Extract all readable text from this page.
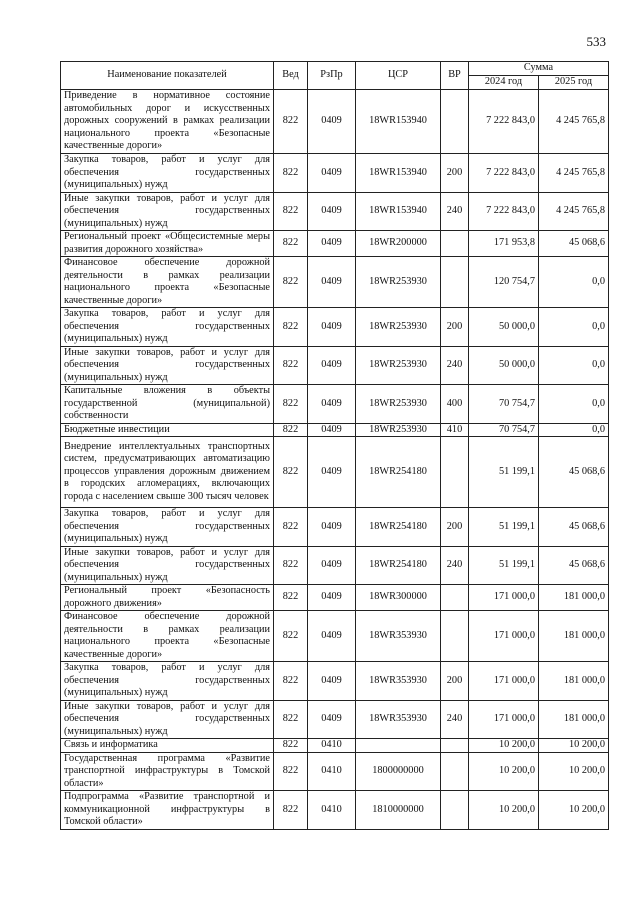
533
Наименование показателей	Вед	РзПр	ЦСР	ВР	Сумма	
					2024 год	2025 год
Приведение в нормативное состояние автомобильных дорог и искусственных дорожных сооружений в рамках реализации национального проекта «Безопасные качественные дороги»	822	0409	18WR153940		7 222 843,0	4 245 765,8
Закупка товаров, работ и услуг для обеспечения государственных (муниципальных) нужд	822	0409	18WR153940	200	7 222 843,0	4 245 765,8
Иные закупки товаров, работ и услуг для обеспечения государственных (муниципальных) нужд	822	0409	18WR153940	240	7 222 843,0	4 245 765,8
Региональный проект «Общесистемные меры развития дорожного хозяйства»	822	0409	18WR200000		171 953,8	45 068,6
Финансовое обеспечение дорожной деятельности в рамках реализации национального проекта «Безопасные качественные дороги»	822	0409	18WR253930		120 754,7	0,0
Закупка товаров, работ и услуг для обеспечения государственных (муниципальных) нужд	822	0409	18WR253930	200	50 000,0	0,0
Иные закупки товаров, работ и услуг для обеспечения государственных (муниципальных) нужд	822	0409	18WR253930	240	50 000,0	0,0
Капитальные вложения в объекты государственной (муниципальной) собственности	822	0409	18WR253930	400	70 754,7	0,0
Бюджетные инвестиции	822	0409	18WR253930	410	70 754,7	0,0
Внедрение интеллектуальных транспортных систем, предусматривающих автоматизацию процессов управления дорожным движением в городских агломерациях, включающих города с населением свыше 300 тысяч человек	822	0409	18WR254180		51 199,1	45 068,6
Закупка товаров, работ и услуг для обеспечения государственных (муниципальных) нужд	822	0409	18WR254180	200	51 199,1	45 068,6
Иные закупки товаров, работ и услуг для обеспечения государственных (муниципальных) нужд	822	0409	18WR254180	240	51 199,1	45 068,6
Региональный проект «Безопасность дорожного движения»	822	0409	18WR300000		171 000,0	181 000,0
Финансовое обеспечение дорожной деятельности в рамках реализации национального проекта «Безопасные качественные дороги»	822	0409	18WR353930		171 000,0	181 000,0
Закупка товаров, работ и услуг для обеспечения государственных (муниципальных) нужд	822	0409	18WR353930	200	171 000,0	181 000,0
Иные закупки товаров, работ и услуг для обеспечения государственных (муниципальных) нужд	822	0409	18WR353930	240	171 000,0	181 000,0
Связь и информатика	822	0410			10 200,0	10 200,0
Государственная программа «Развитие транспортной инфраструктуры в Томской области»	822	0410	1800000000		10 200,0	10 200,0
Подпрограмма «Развитие транспортной и коммуникационной инфраструктуры в Томской области»	822	0410	1810000000		10 200,0	10 200,0
